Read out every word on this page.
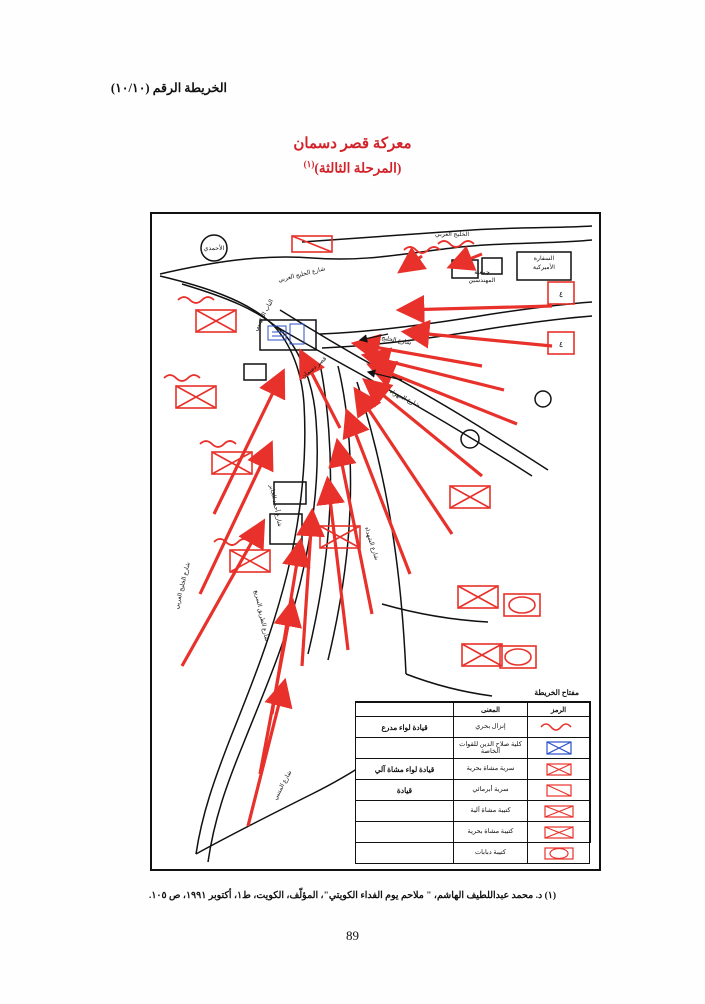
الخريطة الرقم (١٠/١٠)
معركة قصر دسمان
(المرحلة الثالثة)$^{(١)}$
الخليج العربي
الأحمدي
السفارة
الأميركية
جمعية
المهندسين
شارع الخليج العربي
الباب الرئيسي
قصر دسمان
شارع الخليج
شارع الجهراء
شارع الشهداء
شارع أحمد الجابر
شارع الخليج العربي
شارع الطريق السريع
شارع المتنبي
٤
٤
مفتاح الخريطة
الرمز	المعنى	

	إنزال بحري	قيادة لواء مدرع

	كلية صلاح الدين للقوات الخاصة	

	سرية مشاة بحرية	قيادة لواء مشاة آلي

	سرية أبرمائي	قيادة

	كتيبة مشاة آلية	

	كتيبة مشاة بحرية	

	كتيبة دبابات	
(١) د. محمد عبداللطيف الهاشم، " ملاحم يوم الفداء الكويتي"، المؤلّف، الكويت، ط١، أكتوبر ١٩٩١، ص ١٠٥.
89
